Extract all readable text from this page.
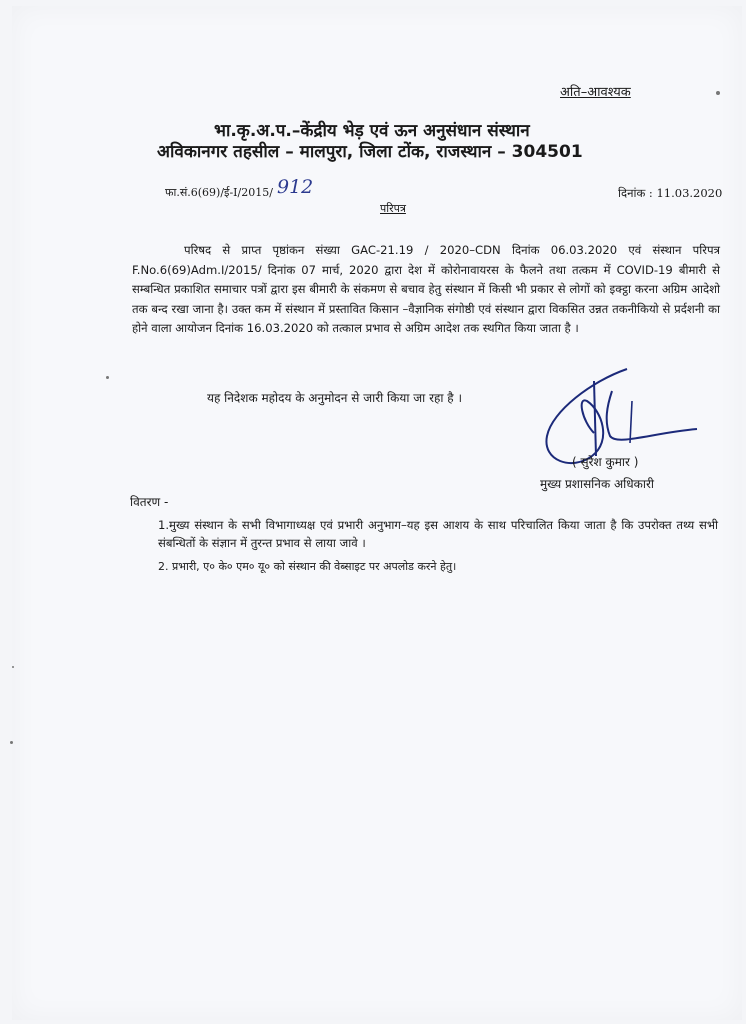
अति–आवश्यक
भा.कृ.अ.प.–केंद्रीय भेड़ एवं ऊन अनुसंधान संस्थान
अविकानगर तहसील – मालपुरा, जिला टोंक, राजस्थान – 304501
फा.सं.6(69)/ई-I/2015/ 912	दिनांक : 11.03.2020
परिपत्र
परिषद से प्राप्त पृष्ठांकन संख्या GAC-21.19 / 2020–CDN दिनांक 06.03.2020 एवं संस्थान परिपत्र F.No.6(69)Adm.I/2015/ दिनांक 07 मार्च, 2020 द्वारा देश में कोरोनावायरस के फैलने तथा तत्कम में COVID-19 बीमारी से सम्बन्धित प्रकाशित समाचार पत्रों द्वारा इस बीमारी के संकमण से बचाव हेतु संस्थान में किसी भी प्रकार से लोगों को इक्ट्ठा करना अग्रिम आदेशो तक बन्द रखा जाना है। उक्त कम में संस्थान में प्रस्तावित किसान –वैज्ञानिक संगोष्ठी एवं संस्थान द्वारा विकसित उन्नत तकनीकियो से प्रर्दशनी का होने वाला आयोजन दिनांक 16.03.2020 को तत्काल प्रभाव से अग्रिम आदेश तक स्थगित किया जाता है ।
यह निदेशक महोदय के अनुमोदन से जारी किया जा रहा है ।
( सुरेश कुमार )
मुख्य प्रशासनिक अधिकारी
वितरण -
1.मुख्य संस्थान के सभी विभागाध्यक्ष एवं प्रभारी अनुभाग–यह इस आशय के साथ परिचालित किया जाता है कि उपरोक्त तथ्य सभी संबन्धितों के संज्ञान में तुरन्त प्रभाव से लाया जावे ।
2. प्रभारी, ए० के० एम० यू० को संस्थान की वेब्साइट पर अपलोड करने हेतु।
